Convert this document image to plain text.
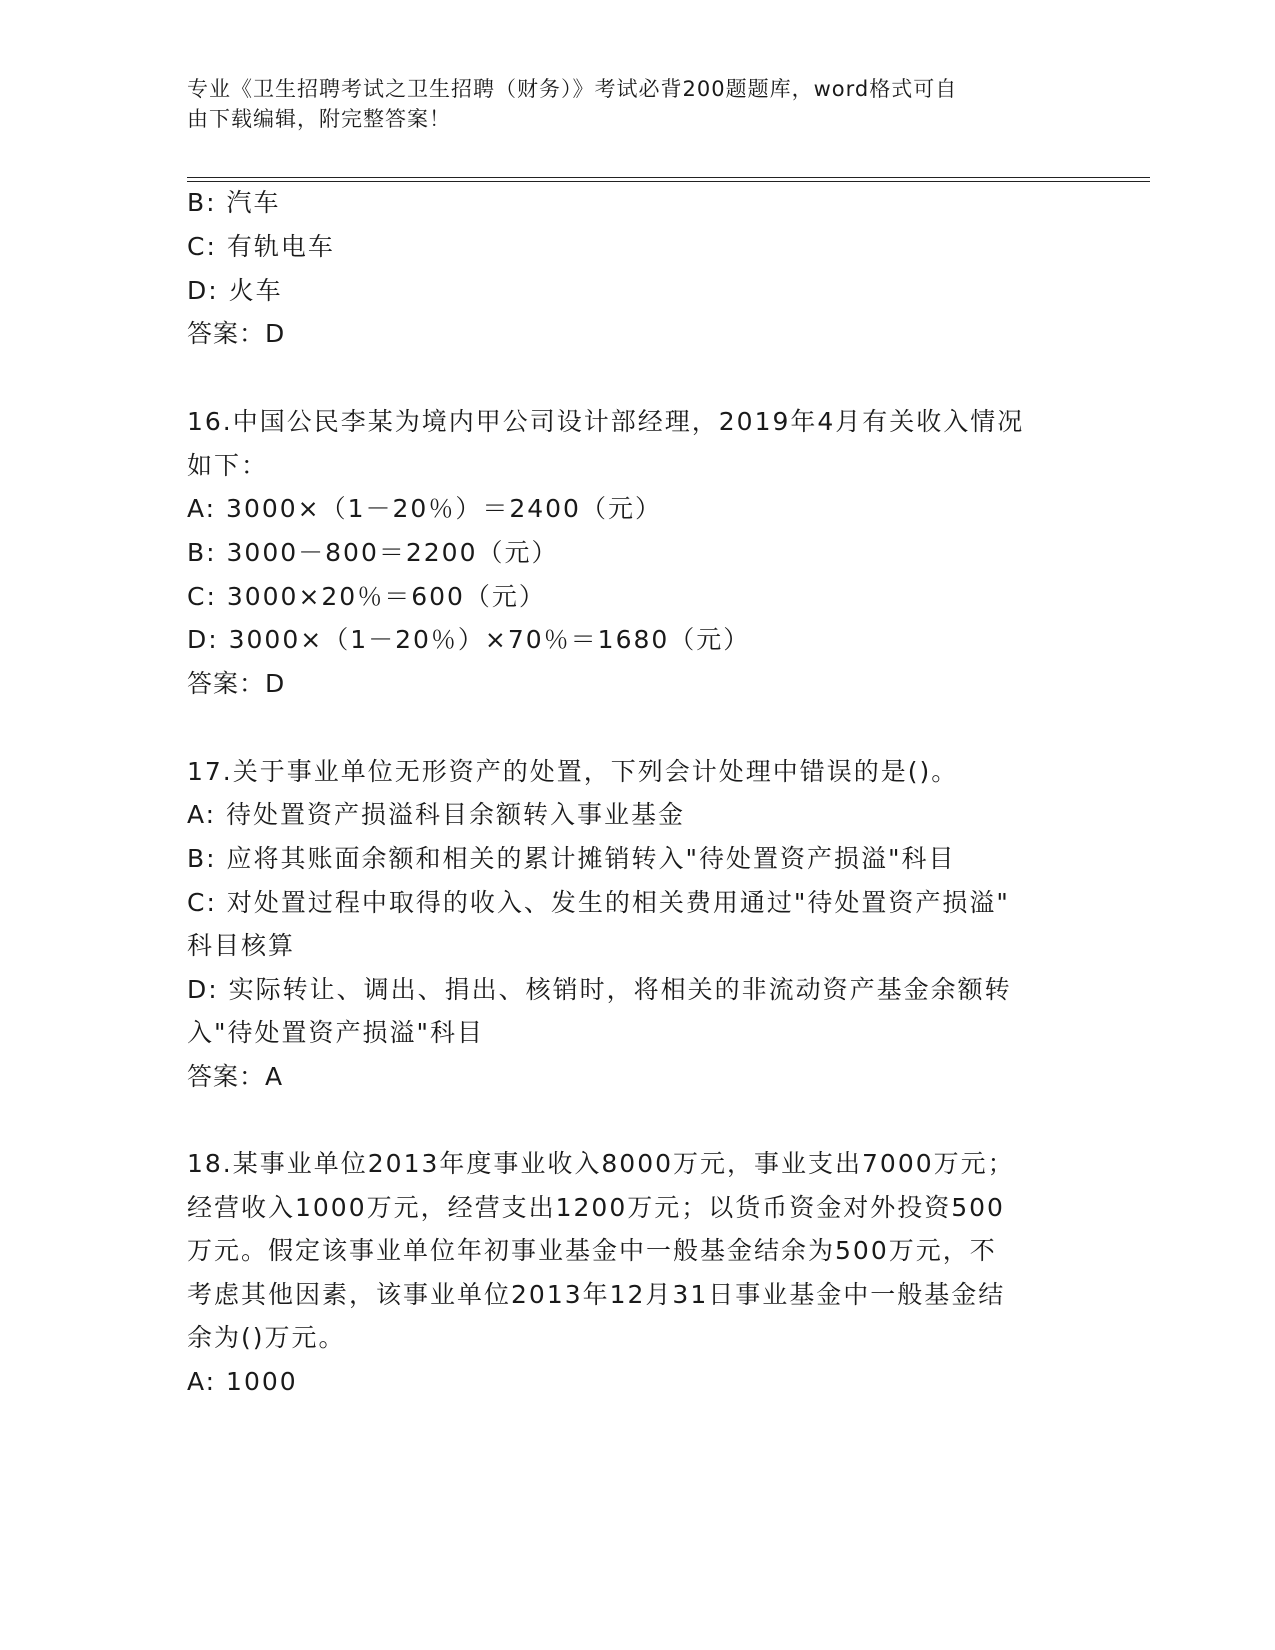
专业《卫生招聘考试之卫生招聘（财务）》考试必背200题题库，word格式可自
由下载编辑，附完整答案！
B: 汽车
C: 有轨电车
D: 火车
答案：D
16.中国公民李某为境内甲公司设计部经理，2019年4月有关收入情况
如下：
A: 3000×（1－20％）＝2400（元）
B: 3000－800＝2200（元）
C: 3000×20％＝600（元）
D: 3000×（1－20％）×70％＝1680（元）
答案：D
17.关于事业单位无形资产的处置，下列会计处理中错误的是()。
A: 待处置资产损溢科目余额转入事业基金
B: 应将其账面余额和相关的累计摊销转入"待处置资产损溢"科目
C: 对处置过程中取得的收入、发生的相关费用通过"待处置资产损溢"
科目核算
D: 实际转让、调出、捐出、核销时，将相关的非流动资产基金余额转
入"待处置资产损溢"科目
答案：A
18.某事业单位2013年度事业收入8000万元，事业支出7000万元；
经营收入1000万元，经营支出1200万元；以货币资金对外投资500
万元。假定该事业单位年初事业基金中一般基金结余为500万元，不
考虑其他因素，该事业单位2013年12月31日事业基金中一般基金结
余为()万元。
A: 1000
